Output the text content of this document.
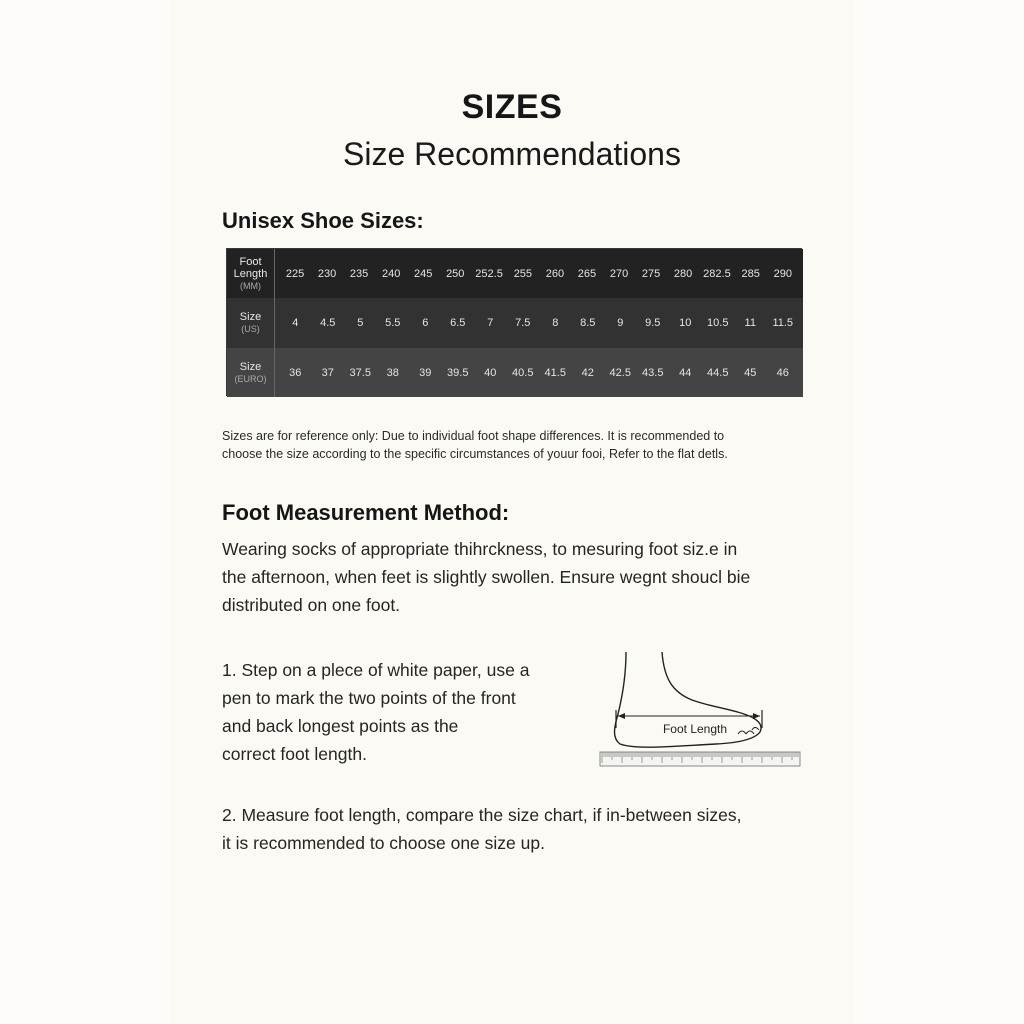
SIZES
Size Recommendations
Unisex Shoe Sizes:
Foot
Length
(MM)
225 230 235 240 245 250 252.5 255 260 265 270 275 280 282.5 285 290
Size
(US)	4	4.5	5	5.5	6	6.5	7	7.5	8	8.5	9	9.5	10	10.5	11	11.5
Size
(EURO)	36	37	37.5	38	39	39.5	40	40.5 41.5	42	42.5 43.5	44	44.5	45	46
Sizes are for reference only: Due to individual foot shape differences. It is recommended to
choose the size according to the specific circumstances of youur fooi, Refer to the flat detls.
Foot Measurement Method:
Wearing socks of appropriate thihrckness, to mesuring foot siz.e in
the afternoon, when feet is slightly swollen. Ensure wegnt shoucl bie
distributed on one foot.
1. Step on a plece of white paper, use a
pen to mark the two points of the front
and back longest points as the
correct foot length.
Foot Length
2. Measure foot length, compare the size chart, if in-between sizes,
it is recommended to choose one size up.
